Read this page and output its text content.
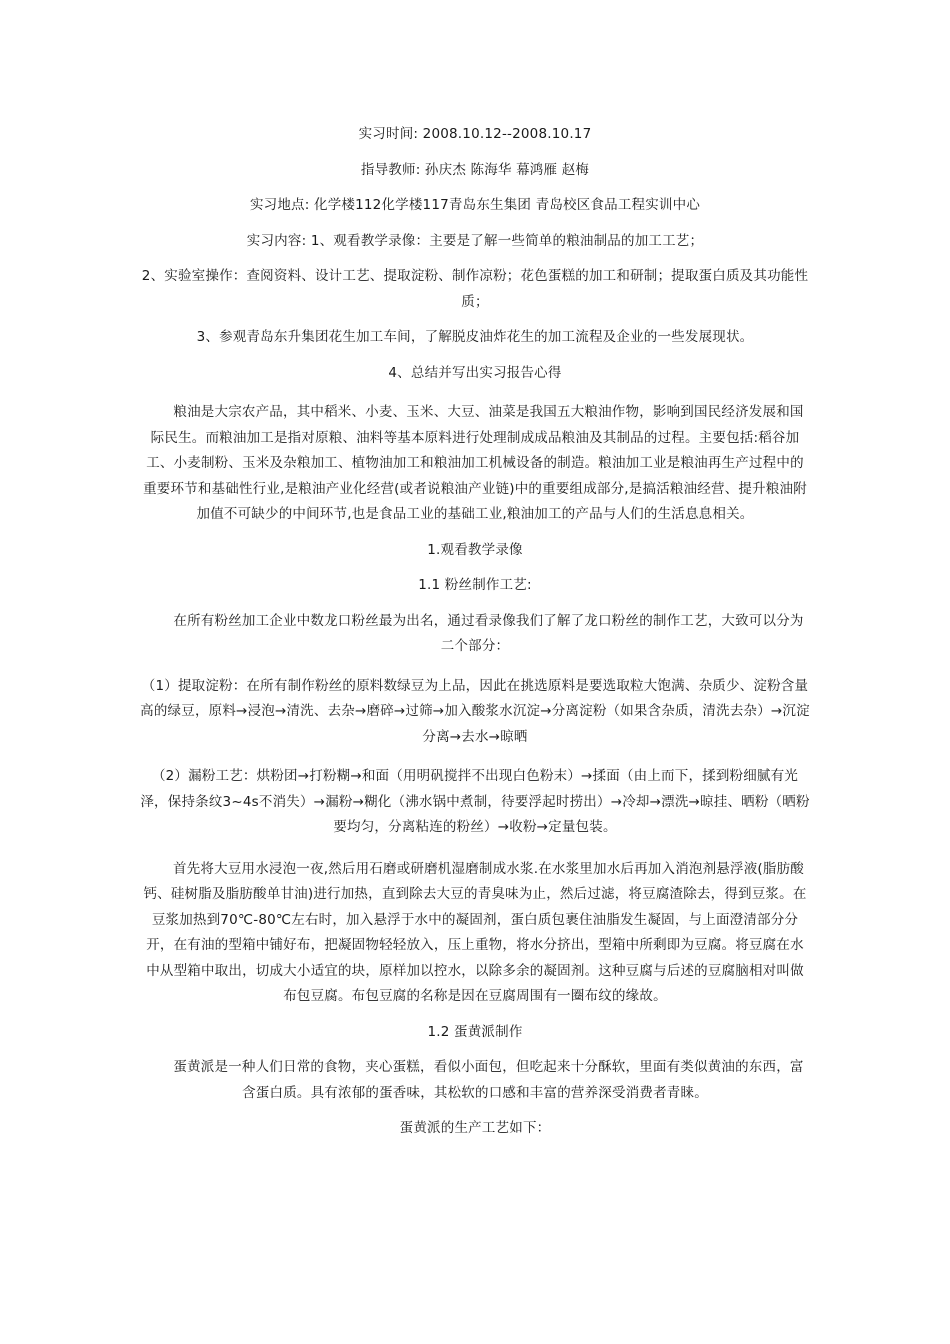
实习时间: 2008.10.12--2008.10.17

指导教师: 孙庆杰 陈海华 幕鸿雁 赵梅

实习地点: 化学楼112化学楼117青岛东生集团 青岛校区食品工程实训中心

实习内容: 1、观看教学录像：主要是了解一些简单的粮油制品的加工工艺；

2、实验室操作：查阅资料、设计工艺、提取淀粉、制作凉粉；花色蛋糕的加工和研制；提取蛋白质及其功能性质；

3、参观青岛东升集团花生加工车间，了解脱皮油炸花生的加工流程及企业的一些发展现状。

4、总结并写出实习报告心得

粮油是大宗农产品，其中稻米、小麦、玉米、大豆、油菜是我国五大粮油作物，影响到国民经济发展和国际民生。而粮油加工是指对原粮、油料等基本原料进行处理制成成品粮油及其制品的过程。主要包括:稻谷加工、小麦制粉、玉米及杂粮加工、植物油加工和粮油加工机械设备的制造。粮油加工业是粮油再生产过程中的重要环节和基础性行业,是粮油产业化经营(或者说粮油产业链)中的重要组成部分,是搞活粮油经营、提升粮油附加值不可缺少的中间环节,也是食品工业的基础工业,粮油加工的产品与人们的生活息息相关。

1.观看教学录像

1.1 粉丝制作工艺:

在所有粉丝加工企业中数龙口粉丝最为出名，通过看录像我们了解了龙口粉丝的制作工艺，大致可以分为二个部分：

（1）提取淀粉：在所有制作粉丝的原料数绿豆为上品，因此在挑选原料是要选取粒大饱满、杂质少、淀粉含量高的绿豆，原料→浸泡→清洗、去杂→磨碎→过筛→加入酸浆水沉淀→分离淀粉（如果含杂质，清洗去杂）→沉淀分离→去水→晾晒

（2）漏粉工艺：烘粉团→打粉糊→和面（用明矾搅拌不出现白色粉末）→揉面（由上而下，揉到粉细腻有光泽，保持条纹3~4s不消失）→漏粉→糊化（沸水锅中煮制，待要浮起时捞出）→冷却→漂洗→晾挂、晒粉（晒粉要均匀，分离粘连的粉丝）→收粉→定量包装。

首先将大豆用水浸泡一夜,然后用石磨或研磨机湿磨制成水浆.在水浆里加水后再加入消泡剂悬浮液(脂肪酸钙、硅树脂及脂肪酸单甘油)进行加热，直到除去大豆的青臭味为止，然后过滤，将豆腐渣除去，得到豆浆。在豆浆加热到70℃-80℃左右时，加入悬浮于水中的凝固剂，蛋白质包裹住油脂发生凝固，与上面澄清部分分开，在有油的型箱中铺好布，把凝固物轻轻放入，压上重物，将水分挤出，型箱中所剩即为豆腐。将豆腐在水中从型箱中取出，切成大小适宜的块，原样加以控水，以除多余的凝固剂。这种豆腐与后述的豆腐脑相对叫做布包豆腐。布包豆腐的名称是因在豆腐周围有一圈布纹的缘故。

1.2 蛋黄派制作

蛋黄派是一种人们日常的食物，夹心蛋糕，看似小面包，但吃起来十分酥软，里面有类似黄油的东西，富含蛋白质。具有浓郁的蛋香味，其松软的口感和丰富的营养深受消费者青睐。

蛋黄派的生产工艺如下：
